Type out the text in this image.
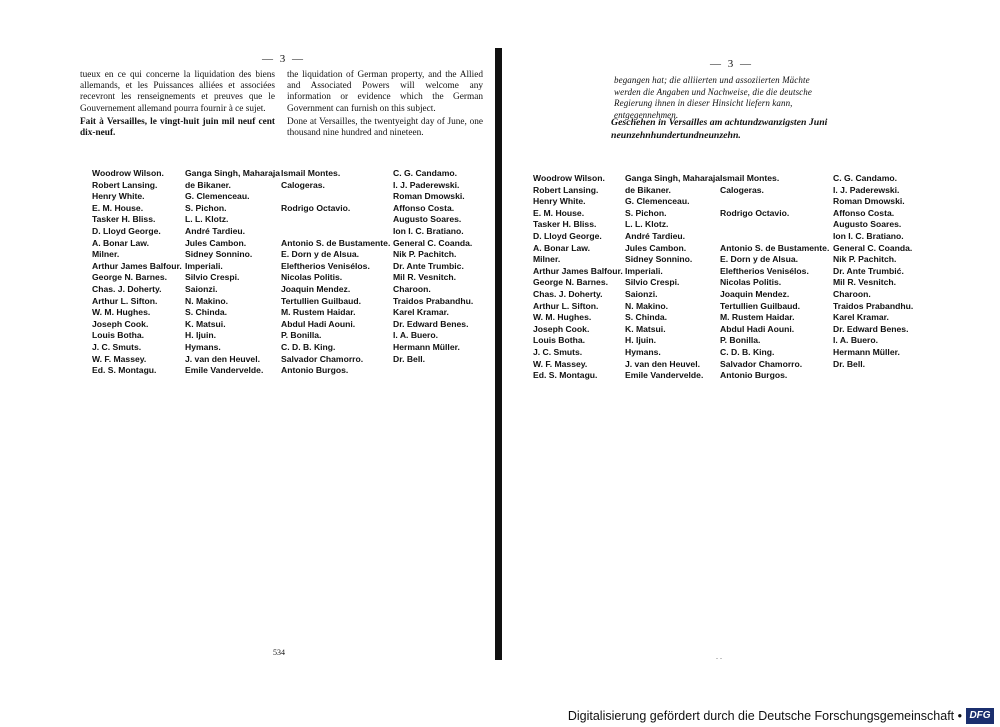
— 3 —
tueux en ce qui concerne la liquidation des biens allemands, et les Puissances alliées et associées recevront les renseignements et preuves que le Gouvernement allemand pourra fournir à ce sujet.
Fait à Versailles, le vingt-huit juin mil neuf cent dix-neuf.
the liquidation of German property, and the Allied and Associated Powers will welcome any information or evidence which the German Government can furnish on this subject.
Done at Versailles, the twentyeight day of June, one thousand nine hundred and nineteen.
Woodrow Wilson.
Robert Lansing.
Henry White.
E. M. House.
Tasker H. Bliss.
D. Lloyd George.
A. Bonar Law.
Milner.
Arthur James Balfour.
George N. Barnes.
Chas. J. Doherty.
Arthur L. Sifton.
W. M. Hughes.
Joseph Cook.
Louis Botha.
J. C. Smuts.
W. F. Massey.
Ed. S. Montagu.
Ganga Singh, Maharaja
de Bikaner.
G. Clemenceau.
S. Pichon.
L. L. Klotz.
André Tardieu.
Jules Cambon.
Sidney Sonnino.
Imperiali.
Silvio Crespi.
Saionzi.
N. Makino.
S. Chinda.
K. Matsui.
H. Ijuin.
Hymans.
J. van den Heuvel.
Emile Vandervelde.
Ismail Montes.
Calogeras.
Rodrigo Octavio.
Antonio S. de Bustamente.
E. Dorn y de Alsua.
Eleftherios Venisélos.
Nicolas Politis.
Joaquin Mendez.
Tertullien Guilbaud.
M. Rustem Haidar.
Abdul Hadi Aouni.
P. Bonilla.
C. D. B. King.
Salvador Chamorro.
Antonio Burgos.
C. G. Candamo.
I. J. Paderewski.
Roman Dmowski.
Affonso Costa.
Augusto Soares.
Ion I. C. Bratiano.
General C. Coanda.
Nik P. Pachitch.
Dr. Ante Trumbic.
Mil R. Vesnitch.
Charoon.
Traidos Prabandhu.
Karel Kramar.
Dr. Edward Benes.
I. A. Buero.
Hermann Müller.
Dr. Bell.
534
— 3 —
begangen hat; die alliierten und assoziierten Mächte werden die Angaben und Nachweise, die die deutsche Regierung ihnen in dieser Hinsicht liefern kann, entgegennehmen.
Geschehen in Versailles am achtundzwanzigsten Juni neunzehnhundertundneunzehn.
Woodrow Wilson.
Robert Lansing.
Henry White.
E. M. House.
Tasker H. Bliss.
D. Lloyd George.
A. Bonar Law.
Milner.
Arthur James Balfour.
George N. Barnes.
Chas. J. Doherty.
Arthur L. Sifton.
W. M. Hughes.
Joseph Cook.
Louis Botha.
J. C. Smuts.
W. F. Massey.
Ed. S. Montagu.
Ganga Singh, Maharaja
de Bikaner.
G. Clemenceau.
S. Pichon.
L. L. Klotz.
André Tardieu.
Jules Cambon.
Sidney Sonnino.
Imperiali.
Silvio Crespi.
Saionzi.
N. Makino.
S. Chinda.
K. Matsui.
H. Ijuin.
Hymans.
J. van den Heuvel.
Emile Vandervelde.
Ismail Montes.
Calogeras.
Rodrigo Octavio.
Antonio S. de Bustamente.
E. Dorn y de Alsua.
Eleftherios Venisélos.
Nicolas Politis.
Joaquin Mendez.
Tertullien Guilbaud.
M. Rustem Haidar.
Abdul Hadi Aouni.
P. Bonilla.
C. D. B. King.
Salvador Chamorro.
Antonio Burgos.
C. G. Candamo.
I. J. Paderewski.
Roman Dmowski.
Affonso Costa.
Augusto Soares.
Ion I. C. Bratiano.
General C. Coanda.
Nik P. Pachitch.
Dr. Ante Trumbić.
Mil R. Vesnitch.
Charoon.
Traidos Prabandhu.
Karel Kramar.
Dr. Edward Benes.
I. A. Buero.
Hermann Müller.
Dr. Bell.
. .
Digitalisierung gefördert durch die Deutsche Forschungsgemeinschaft • DFG
